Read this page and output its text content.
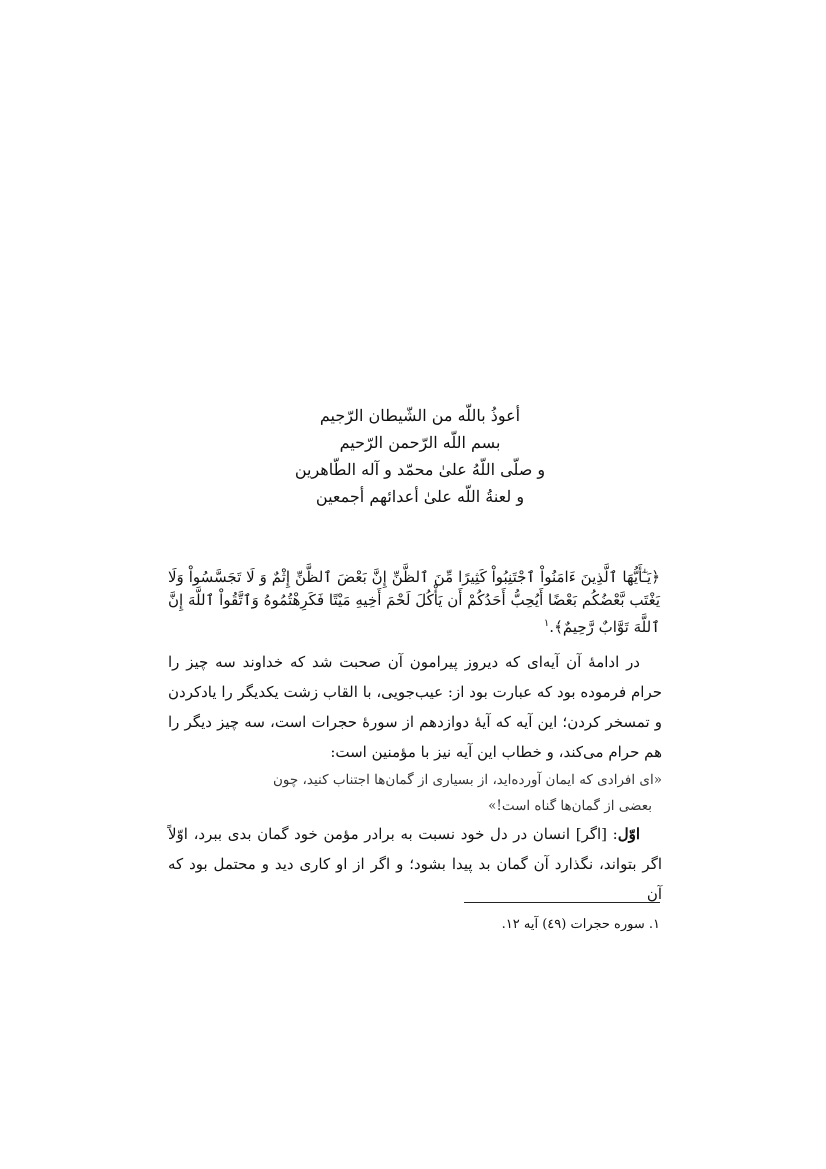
أعوذُ باللّه من الشّيطان الرّجيم
بسم اللّه الرّحمن الرّحيم
و صلّى اللّهُ علىٰ محمّد و آله الطّاهرين
و لعنةُ اللّه علىٰ أعدائهم أجمعين
﴿يَـٰٓأَيُّهَا ٱلَّذِينَ ءَامَنُواْ ٱجْتَنِبُواْ كَثِيرًا مِّنَ ٱلظَّنِّ إِنَّ بَعْضَ ٱلظَّنِّ إِثْمٌ وَ لَا تَجَسَّسُواْ وَلَا يَغْتَب بَّعْضُكُم بَعْضًا أَيُحِبُّ أَحَدُكُمْ أَن يَأْكُلَ لَحْمَ أَخِيهِ مَيْتًا فَكَرِهْتُمُوهُ وَٱتَّقُواْ ٱللَّهَ إِنَّ ٱللَّهَ تَوَّابٌ رَّحِيمٌ﴾.$^١$

در ادامهٔ آن آیه‌ای که دیروز پیرامون آن صحبت شد که خداوند سه چیز را حرام فرموده بود که عبارت بود از: عیب‌جویی، با القاب زشت یکدیگر را یادکردن و تمسخر کردن؛ این آیه که آیهٔ دوازدهم از سورهٔ حجرات است، سه چیز دیگر را هم حرام می‌کند، و خطاب این آیه نیز با مؤمنین است:

«ای افرادی که ایمان آورده‌اید، از بسیاری از گمان‌ها اجتناب کنید، چون
بعضی از گمان‌ها گناه است!»

اوّل: [اگر] انسان در دل خود نسبت به برادر مؤمن خود گمان بدی ببرد، اوّلاً اگر بتواند، نگذارد آن گمان بد پیدا بشود؛ و اگر از او کاری دید و محتمل بود که آن

١. سوره حجرات (٤٩) آیه ١٢.
